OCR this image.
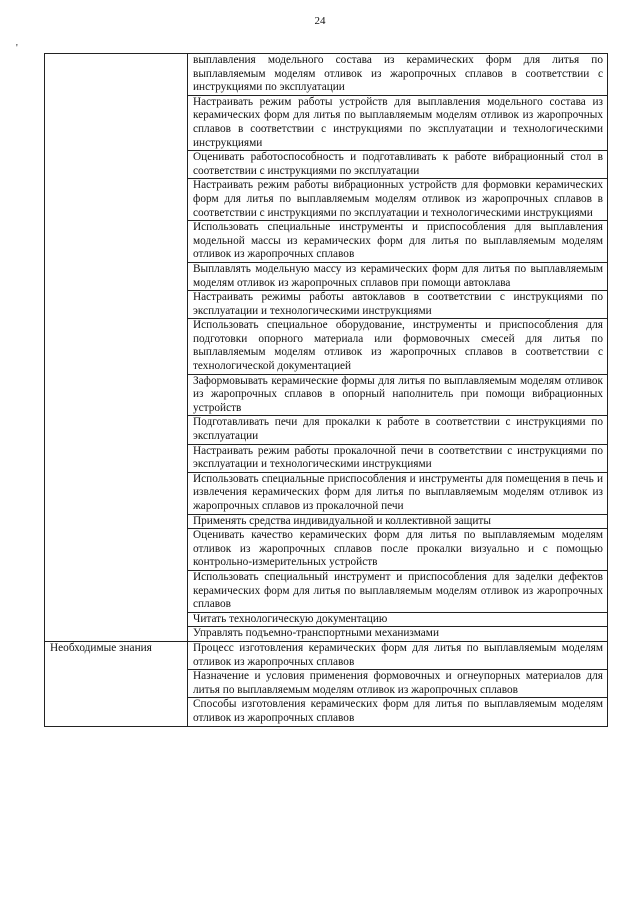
24
'
	выплавления модельного состава из керамических форм для литья по выплавляемым моделям отливок из жаропрочных сплавов в соответствии с инструкциями по эксплуатации
	Настраивать режим работы устройств для выплавления модельного состава из керамических форм для литья по выплавляемым моделям отливок из жаропрочных сплавов в соответствии с инструкциями по эксплуатации и технологическими инструкциями
	Оценивать работоспособность и подготавливать к работе вибрационный стол в соответствии с инструкциями по эксплуатации
	Настраивать режим работы вибрационных устройств для формовки керамических форм для литья по выплавляемым моделям отливок из жаропрочных сплавов в соответствии с инструкциями по эксплуатации и технологическими инструкциями
	Использовать специальные инструменты и приспособления для выплавления модельной массы из керамических форм для литья по выплавляемым моделям отливок из жаропрочных сплавов
	Выплавлять модельную массу из керамических форм для литья по выплавляемым моделям отливок из жаропрочных сплавов при помощи автоклава
	Настраивать режимы работы автоклавов в соответствии с инструкциями по эксплуатации и технологическими инструкциями
	Использовать специальное оборудование, инструменты и приспособления для подготовки опорного материала или формовочных смесей для литья по выплавляемым моделям отливок из жаропрочных сплавов в соответствии с технологической документацией
	Заформовывать керамические формы для литья по выплавляемым моделям отливок из жаропрочных сплавов в опорный наполнитель при помощи вибрационных устройств
	Подготавливать печи для прокалки к работе в соответствии с инструкциями по эксплуатации
	Настраивать режим работы прокалочной печи в соответствии с инструкциями по эксплуатации и технологическими инструкциями
	Использовать специальные приспособления и инструменты для помещения в печь и извлечения керамических форм для литья по выплавляемым моделям отливок из жаропрочных сплавов из прокалочной печи
	Применять средства индивидуальной и коллективной защиты
	Оценивать качество керамических форм для литья по выплавляемым моделям отливок из жаропрочных сплавов после прокалки визуально и с помощью контрольно-измерительных устройств
	Использовать специальный инструмент и приспособления для заделки дефектов керамических форм для литья по выплавляемым моделям отливок из жаропрочных сплавов
	Читать технологическую документацию
	Управлять подъемно-транспортными механизмами
Необходимые знания	Процесс изготовления керамических форм для литья по выплавляемым моделям отливок из жаропрочных сплавов
	Назначение и условия применения формовочных и огнеупорных материалов для литья по выплавляемым моделям отливок из жаропрочных сплавов
	Способы изготовления керамических форм для литья по выплавляемым моделям отливок из жаропрочных сплавов
